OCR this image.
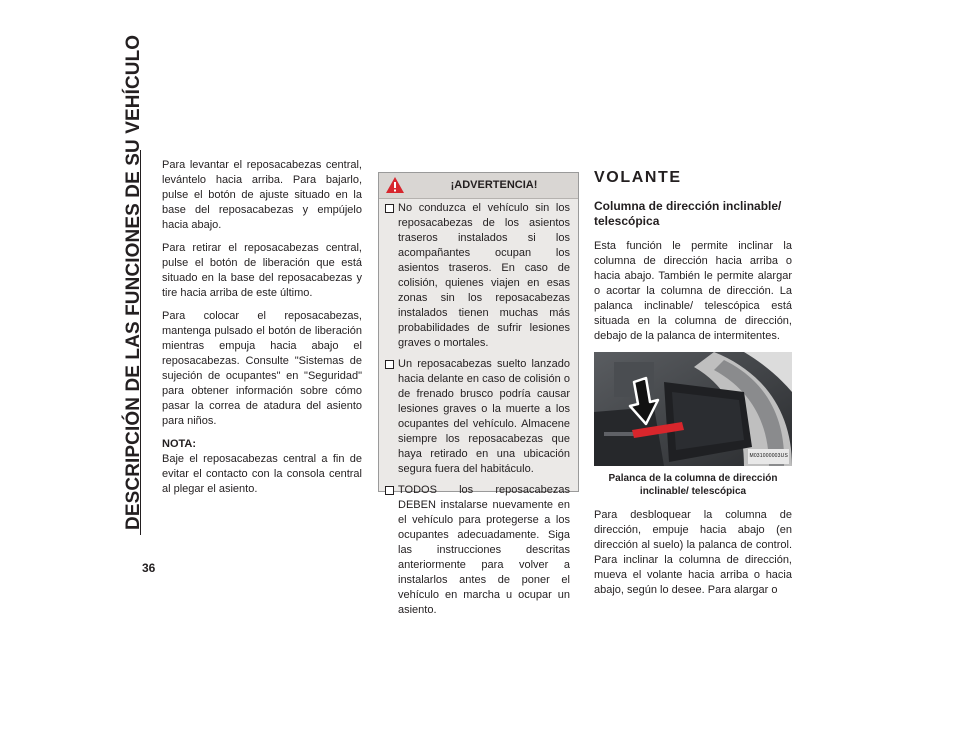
DESCRIPCIÓN DE LAS FUNCIONES DE SU VEHÍCULO
36

Para levantar el reposacabezas central, levántelo hacia arriba. Para bajarlo, pulse el botón de ajuste situado en la base del reposacabezas y empújelo hacia abajo.

Para retirar el reposacabezas central, pulse el botón de liberación que está situado en la base del reposacabezas y tire hacia arriba de este último.

Para colocar el reposacabezas, mantenga pulsado el botón de liberación mientras empuja hacia abajo el reposacabezas. Consulte "Sistemas de sujeción de ocupantes" en "Seguridad" para obtener información sobre cómo pasar la correa de atadura del asiento para niños.

NOTA:
Baje el reposacabezas central a fin de evitar el contacto con la consola central al plegar el asiento.

¡ADVERTENCIA!
No conduzca el vehículo sin los reposacabezas de los asientos traseros instalados si los acompañantes ocupan los asientos traseros. En caso de colisión, quienes viajen en esas zonas sin los reposacabezas instalados tienen muchas más probabilidades de sufrir lesiones graves o mortales.
Un reposacabezas suelto lanzado hacia delante en caso de colisión o de frenado brusco podría causar lesiones graves o la muerte a los ocupantes del vehículo. Almacene siempre los reposacabezas que haya retirado en una ubicación segura fuera del habitáculo.
TODOS los reposacabezas DEBEN instalarse nuevamente en el vehículo para protegerse a los ocupantes adecuadamente. Siga las instrucciones descritas anteriormente para volver a instalarlos antes de poner el vehículo en marcha u ocupar un asiento.
VOLANTE
Columna de dirección inclinable/ telescópica

Esta función le permite inclinar la columna de dirección hacia arriba o hacia abajo. También le permite alargar o acortar la columna de dirección. La palanca inclinable/ telescópica está situada en la columna de dirección, debajo de la palanca de intermitentes.

M031000003US
Palanca de la columna de dirección inclinable/ telescópica

Para desbloquear la columna de dirección, empuje hacia abajo (en dirección al suelo) la palanca de control. Para inclinar la columna de dirección, mueva el volante hacia arriba o hacia abajo, según lo desee. Para alargar o
